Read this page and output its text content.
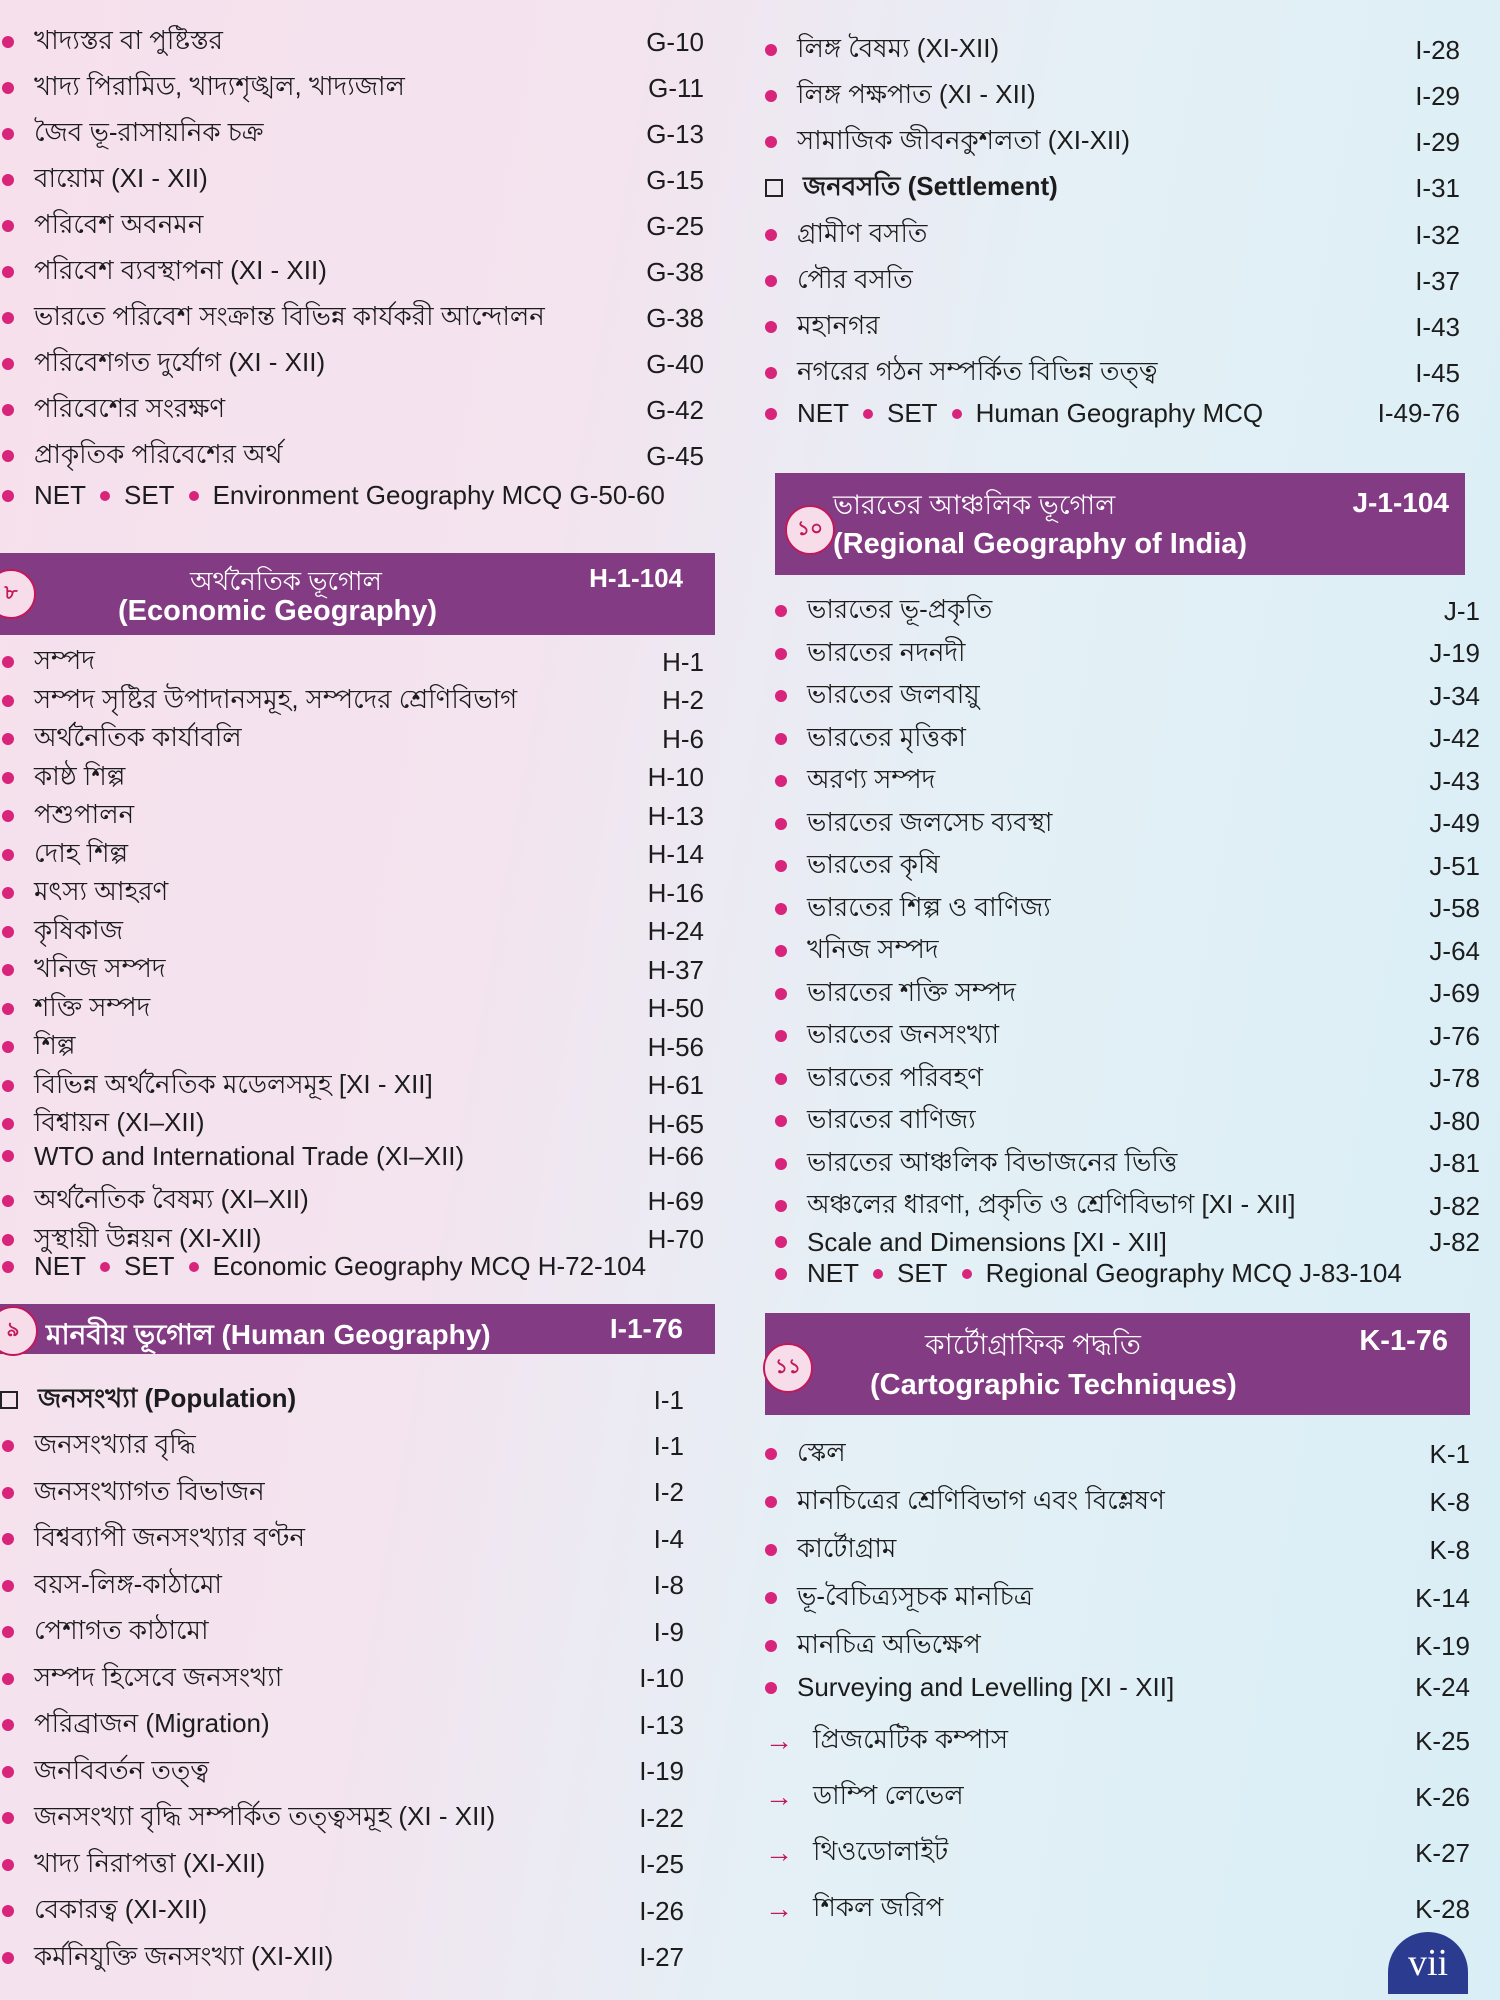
খাদ্যস্তর বা পুষ্টিস্তর	G-10
খাদ্য পিরামিড, খাদ্যশৃঙ্খল, খাদ্যজাল	G-11
জৈব ভূ-রাসায়নিক চক্র	G-13
বায়োম (XI - XII)	G-15
পরিবেশ অবনমন	G-25
পরিবেশ ব্যবস্থাপনা (XI - XII)	G-38
ভারতে পরিবেশ সংক্রান্ত বিভিন্ন কার্যকরী আন্দোলন	G-38
পরিবেশগত দুর্যোগ (XI - XII)	G-40
পরিবেশের সংরক্ষণ	G-42
প্রাকৃতিক পরিবেশের অর্থ	G-45
NET SET Environment Geography MCQ G-50-60
৮	অর্থনৈতিক ভূগোল
(Economic Geography)
H-1-104
সম্পদ	H-1
সম্পদ সৃষ্টির উপাদানসমূহ, সম্পদের শ্রেণিবিভাগ	H-2
অর্থনৈতিক কার্যাবলি	H-6
কাষ্ঠ শিল্প	H-10
পশুপালন	H-13
দোহ শিল্প	H-14
মৎস্য আহরণ	H-16
কৃষিকাজ	H-24
খনিজ সম্পদ	H-37
শক্তি সম্পদ	H-50
শিল্প	H-56
বিভিন্ন অর্থনৈতিক মডেলসমূহ [XI - XII]	H-61
বিশ্বায়ন (XI–XII)	H-65
WTO and International Trade (XI–XII)	H-66
অর্থনৈতিক বৈষম্য (XI–XII)	H-69
সুস্থায়ী উন্নয়ন (XI-XII)	H-70
NET SET Economic Geography MCQ H-72-104
৯ মানবীয় ভূগোল (Human Geography)	I-1-76
জনসংখ্যা (Population)	I-1
জনসংখ্যার বৃদ্ধি	I-1
জনসংখ্যাগত বিভাজন	I-2
বিশ্বব্যাপী জনসংখ্যার বণ্টন	I-4
বয়স-লিঙ্গ-কাঠামো	I-8
পেশাগত কাঠামো	I-9
সম্পদ হিসেবে জনসংখ্যা	I-10
পরিব্রাজন (Migration)	I-13
জনবিবর্তন তত্ত্ব	I-19
জনসংখ্যা বৃদ্ধি সম্পর্কিত তত্ত্বসমূহ (XI - XII)	I-22
খাদ্য নিরাপত্তা (XI-XII)	I-25
বেকারত্ব (XI-XII)	I-26
কর্মনিযুক্তি জনসংখ্যা (XI-XII)	I-27
লিঙ্গ বৈষম্য (XI-XII)	I-28
লিঙ্গ পক্ষপাত (XI - XII)	I-29
সামাজিক জীবনকুশলতা (XI-XII)	I-29
জনবসতি (Settlement)	I-31
গ্রামীণ বসতি	I-32
পৌর বসতি	I-37
মহানগর	I-43
নগরের গঠন সম্পর্কিত বিভিন্ন তত্ত্ব	I-45
NET SET Human Geography MCQ	I-49-76
১০
ভারতের আঞ্চলিক ভূগোল
(Regional Geography of India)
J-1-104
ভারতের ভূ-প্রকৃতি	J-1
ভারতের নদনদী	J-19
ভারতের জলবায়ু	J-34
ভারতের মৃত্তিকা	J-42
অরণ্য সম্পদ	J-43
ভারতের জলসেচ ব্যবস্থা	J-49
ভারতের কৃষি	J-51
ভারতের শিল্প ও বাণিজ্য	J-58
খনিজ সম্পদ	J-64
ভারতের শক্তি সম্পদ	J-69
ভারতের জনসংখ্যা	J-76
ভারতের পরিবহণ	J-78
ভারতের বাণিজ্য	J-80
ভারতের আঞ্চলিক বিভাজনের ভিত্তি	J-81
অঞ্চলের ধারণা, প্রকৃতি ও শ্রেণিবিভাগ [XI - XII]	J-82
Scale and Dimensions [XI - XII]	J-82
NET SET Regional Geography MCQ J-83-104
১১
কার্টোগ্রাফিক পদ্ধতি
(Cartographic Techniques)
K-1-76
স্কেল	K-1
মানচিত্রের শ্রেণিবিভাগ এবং বিশ্লেষণ	K-8
কার্টোগ্রাম	K-8
ভূ-বৈচিত্র্যসূচক মানচিত্র	K-14
মানচিত্র অভিক্ষেপ	K-19
Surveying and Levelling [XI - XII]	K-24
→ প্রিজমেটিক কম্পাস	K-25
→ ডাম্পি লেভেল	K-26
→ থিওডোলাইট	K-27
→ শিকল জরিপ	K-28
vii
